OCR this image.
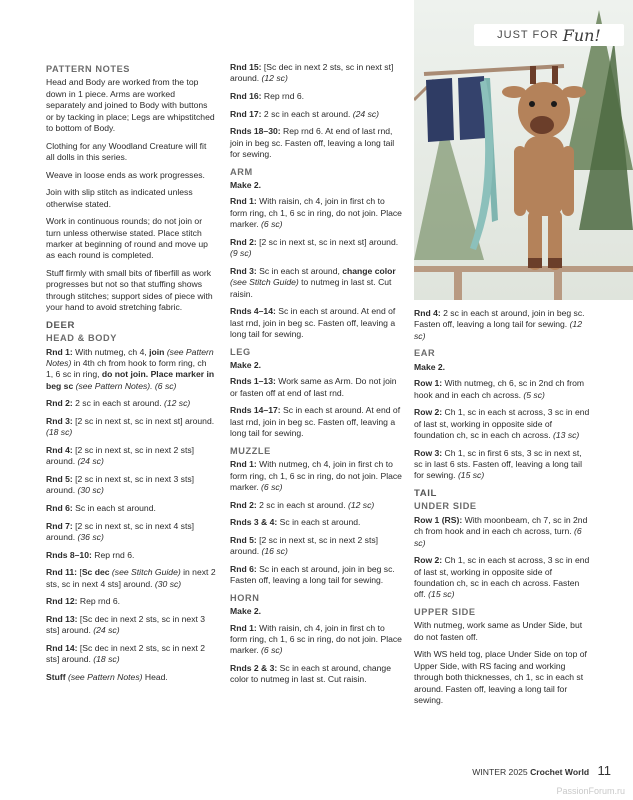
JUST FOR Fun!
PATTERN NOTES

Head and Body are worked from the top down in 1 piece. Arms are worked separately and joined to Body with buttons or by tacking in place; Legs are whipstitched to bottom of Body.

Clothing for any Woodland Creature will fit all dolls in this series.

Weave in loose ends as work progresses.

Join with slip stitch as indicated unless otherwise stated.

Work in continuous rounds; do not join or turn unless otherwise stated. Place stitch marker at beginning of round and move up as each round is completed.

Stuff firmly with small bits of fiberfill as work progresses but not so that stuffing shows through stitches; support sides of piece with your hand to avoid stretching fabric.

DEER
HEAD & BODY

Rnd 1: With nutmeg, ch 4, join (see Pattern Notes) in 4th ch from hook to form ring, ch 1, 6 sc in ring, do not join. Place marker in beg sc (see Pattern Notes). (6 sc)

Rnd 2: 2 sc in each st around. (12 sc)

Rnd 3: [2 sc in next st, sc in next st] around. (18 sc)

Rnd 4: [2 sc in next st, sc in next 2 sts] around. (24 sc)

Rnd 5: [2 sc in next st, sc in next 3 sts] around. (30 sc)

Rnd 6: Sc in each st around.

Rnd 7: [2 sc in next st, sc in next 4 sts] around. (36 sc)

Rnds 8–10: Rep rnd 6.

Rnd 11: [Sc dec (see Stitch Guide) in next 2 sts, sc in next 4 sts] around. (30 sc)

Rnd 12: Rep rnd 6.

Rnd 13: [Sc dec in next 2 sts, sc in next 3 sts] around. (24 sc)

Rnd 14: [Sc dec in next 2 sts, sc in next 2 sts] around. (18 sc)

Stuff (see Pattern Notes) Head.

Rnd 15: [Sc dec in next 2 sts, sc in next st] around. (12 sc)

Rnd 16: Rep rnd 6.

Rnd 17: 2 sc in each st around. (24 sc)

Rnds 18–30: Rep rnd 6. At end of last rnd, join in beg sc. Fasten off, leaving a long tail for sewing.

ARM

Make 2.

Rnd 1: With raisin, ch 4, join in first ch to form ring, ch 1, 6 sc in ring, do not join. Place marker. (6 sc)

Rnd 2: [2 sc in next st, sc in next st] around. (9 sc)

Rnd 3: Sc in each st around, change color (see Stitch Guide) to nutmeg in last st. Cut raisin.

Rnds 4–14: Sc in each st around. At end of last rnd, join in beg sc. Fasten off, leaving a long tail for sewing.

LEG

Make 2.

Rnds 1–13: Work same as Arm. Do not join or fasten off at end of last rnd.

Rnds 14–17: Sc in each st around. At end of last rnd, join in beg sc. Fasten off, leaving a long tail for sewing.

MUZZLE

Rnd 1: With nutmeg, ch 4, join in first ch to form ring, ch 1, 6 sc in ring, do not join. Place marker. (6 sc)

Rnd 2: 2 sc in each st around. (12 sc)

Rnds 3 & 4: Sc in each st around.

Rnd 5: [2 sc in next st, sc in next 2 sts] around. (16 sc)

Rnd 6: Sc in each st around, join in beg sc. Fasten off, leaving a long tail for sewing.

HORN

Make 2.

Rnd 1: With raisin, ch 4, join in first ch to form ring, ch 1, 6 sc in ring, do not join. Place marker. (6 sc)

Rnds 2 & 3: Sc in each st around, change color to nutmeg in last st. Cut raisin.

Rnd 4: 2 sc in each st around, join in beg sc. Fasten off, leaving a long tail for sewing. (12 sc)

EAR

Make 2.

Row 1: With nutmeg, ch 6, sc in 2nd ch from hook and in each ch across. (5 sc)

Row 2: Ch 1, sc in each st across, 3 sc in end of last st, working in opposite side of foundation ch, sc in each ch across. (13 sc)

Row 3: Ch 1, sc in first 6 sts, 3 sc in next st, sc in last 6 sts. Fasten off, leaving a long tail for sewing. (15 sc)

TAIL
UNDER SIDE

Row 1 (RS): With moonbeam, ch 7, sc in 2nd ch from hook and in each ch across, turn. (6 sc)

Row 2: Ch 1, sc in each st across, 3 sc in end of last st, working in opposite side of foundation ch, sc in each ch across. Fasten off. (15 sc)

UPPER SIDE

With nutmeg, work same as Under Side, but do not fasten off.

With WS held tog, place Under Side on top of Upper Side, with RS facing and working through both thicknesses, ch 1, sc in each st around. Fasten off, leaving a long tail for sewing.

WINTER 2025 Crochet World 11
PassionForum.ru
